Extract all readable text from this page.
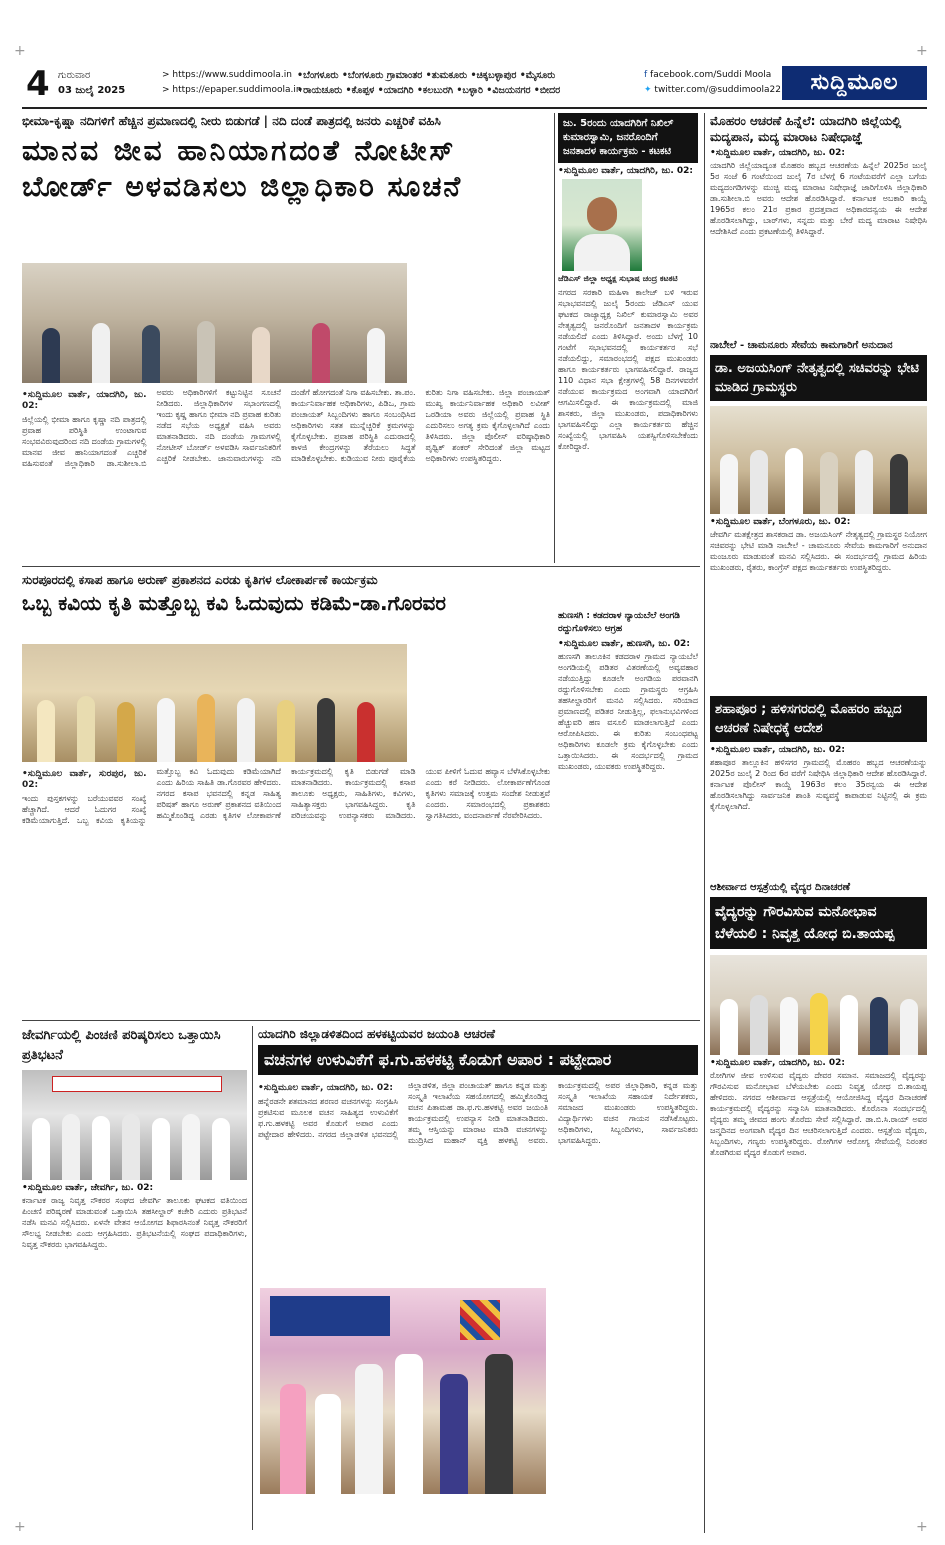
+	+
+	+
4 ಗುರುವಾರ
03 ಜುಲೈ 2025
> https://www.suddimoola.in
> https://epaper.suddimoola.in
•ಬೆಂಗಳೂರು •ಬೆಂಗಳೂರು ಗ್ರಾಮಾಂತರ •ತುಮಕೂರು •ಚಿಕ್ಕಬಳ್ಳಾಪುರ •ಮೈಸೂರು
•ರಾಯಚೂರು •ಕೊಪ್ಪಳ •ಯಾದಗಿರಿ •ಕಲಬುರಗಿ •ಬಳ್ಳಾರಿ •ವಿಜಯನಗರ •ಬೀದರ
f facebook.com/Suddi Moola
✦ twitter.com/@suddimoola22	ಸುದ್ದಿಮೂಲ
ಭೀಮಾ-ಕೃಷ್ಣಾ ನದಿಗಳಿಗೆ ಹೆಚ್ಚಿನ ಪ್ರಮಾಣದಲ್ಲಿ ನೀರು ಬಿಡುಗಡೆ | ನದಿ ದಂಡೆ ಪಾತ್ರದಲ್ಲಿ ಜನರು ಎಚ್ಚರಿಕೆ ವಹಿಸಿ
ಮಾನವ ಜೀವ ಹಾನಿಯಾಗದಂತೆ ನೋಟೀಸ್
ಬೋರ್ಡ್ ಅಳವಡಿಸಲು ಜಿಲ್ಲಾಧಿಕಾರಿ ಸೂಚನೆ
•ಸುದ್ದಿಮೂಲ ವಾರ್ತೆ, ಯಾದಗಿರಿ, ಜು. 02:
ಜಿಲ್ಲೆಯಲ್ಲಿ ಭೀಮಾ ಹಾಗೂ ಕೃಷ್ಣಾ ನದಿ ಪಾತ್ರದಲ್ಲಿ ಪ್ರವಾಹ ಪರಿಸ್ಥಿತಿ ಉಂಟಾಗುವ ಸಂಭವವಿರುವುದರಿಂದ ನದಿ ದಂಡೆಯ ಗ್ರಾಮಗಳಲ್ಲಿ ಮಾನವ ಜೀವ ಹಾನಿಯಾಗದಂತೆ ಎಚ್ಚರಿಕೆ ವಹಿಸುವಂತೆ ಜಿಲ್ಲಾಧಿಕಾರಿ ಡಾ.ಸುಶೀಲಾ.ಬಿ ಅವರು ಅಧಿಕಾರಿಗಳಿಗೆ ಕಟ್ಟುನಿಟ್ಟಿನ ಸೂಚನೆ ನೀಡಿದರು. ಜಿಲ್ಲಾಧಿಕಾರಿಗಳ ಸಭಾಂಗಣದಲ್ಲಿ ಇಂದು ಕೃಷ್ಣ ಹಾಗೂ ಭೀಮಾ ನದಿ ಪ್ರವಾಹ ಕುರಿತು ನಡೆದ ಸಭೆಯ ಅಧ್ಯಕ್ಷತೆ ವಹಿಸಿ ಅವರು ಮಾತನಾಡಿದರು. ನದಿ ದಂಡೆಯ ಗ್ರಾಮಗಳಲ್ಲಿ ನೋಟೀಸ್ ಬೋರ್ಡ್ ಅಳವಡಿಸಿ ಸಾರ್ವಜನಿಕರಿಗೆ ಎಚ್ಚರಿಕೆ ನೀಡಬೇಕು. ಜಾನುವಾರುಗಳನ್ನು ನದಿ ದಂಡೆಗೆ ಹೋಗದಂತೆ ನಿಗಾ ವಹಿಸಬೇಕು. ತಾ.ಪಂ. ಕಾರ್ಯನಿರ್ವಾಹಕ ಅಧಿಕಾರಿಗಳು, ಪಿಡಿಒ, ಗ್ರಾಮ ಪಂಚಾಯತ್ ಸಿಬ್ಬಂದಿಗಳು ಹಾಗೂ ಸಂಬಂಧಿಸಿದ ಅಧಿಕಾರಿಗಳು ಸತತ ಮುನ್ನೆಚ್ಚರಿಕೆ ಕ್ರಮಗಳನ್ನು ಕೈಗೊಳ್ಳಬೇಕು. ಪ್ರವಾಹ ಪರಿಸ್ಥಿತಿ ಎದುರಾದಲ್ಲಿ ಕಾಳಜಿ ಕೇಂದ್ರಗಳನ್ನು ತೆರೆಯಲು ಸಿದ್ಧತೆ ಮಾಡಿಕೊಳ್ಳಬೇಕು. ಕುಡಿಯುವ ನೀರು ಪೂರೈಕೆಯ ಕುರಿತು ನಿಗಾ ವಹಿಸಬೇಕು. ಜಿಲ್ಲಾ ಪಂಚಾಯತ್ ಮುಖ್ಯ ಕಾರ್ಯನಿರ್ವಾಹಕ ಅಧಿಕಾರಿ ಲವೀಶ್ ಒರಡಿಯಾ ಅವರು ಜಿಲ್ಲೆಯಲ್ಲಿ ಪ್ರವಾಹ ಸ್ಥಿತಿ ಎದುರಿಸಲು ಅಗತ್ಯ ಕ್ರಮ ಕೈಗೊಳ್ಳಲಾಗಿದೆ ಎಂದು ತಿಳಿಸಿದರು. ಜಿಲ್ಲಾ ಪೊಲೀಸ್ ವರಿಷ್ಠಾಧಿಕಾರಿ ಪೃಥ್ವಿಕ್ ಶಂಕರ್ ಸೇರಿದಂತೆ ಜಿಲ್ಲಾ ಮಟ್ಟದ ಅಧಿಕಾರಿಗಳು ಉಪಸ್ಥಿತರಿದ್ದರು.
ಜು. 5ರಂದು ಯಾದಗಿರಿಗೆ ನಿಖಿಲ್ ಕುಮಾರಸ್ವಾಮಿ, ಜನರೊಂದಿಗೆ ಜನತಾದಳ ಕಾರ್ಯಕ್ರಮ - ಕಟಕಟಿ
•ಸುದ್ದಿಮೂಲ ವಾರ್ತೆ, ಯಾದಗಿರಿ, ಜು. 02:
ಜೆಡಿಎಸ್ ಜಿಲ್ಲಾ ಅಧ್ಯಕ್ಷ ಸುಭಾಷ ಚಂದ್ರ ಕಟಕಟಿ
ನಗರದ ಸರಕಾರಿ ಮಹಿಳಾ ಕಾಲೇಜ್ ಬಳಿ ಇರುವ ಸಭಾಭವನದಲ್ಲಿ ಜುಲೈ 5ರಂದು ಜೆಡಿಎಸ್ ಯುವ ಘಟಕದ ರಾಜ್ಯಾಧ್ಯಕ್ಷ ನಿಖಿಲ್ ಕುಮಾರಸ್ವಾಮಿ ಅವರ ನೇತೃತ್ವದಲ್ಲಿ ಜನರೊಂದಿಗೆ ಜನತಾದಳ ಕಾರ್ಯಕ್ರಮ ನಡೆಯಲಿದೆ ಎಂದು ತಿಳಿಸಿದ್ದಾರೆ. ಅಂದು ಬೆಳಗ್ಗೆ 10 ಗಂಟೆಗೆ ಸಭಾಭವನದಲ್ಲಿ ಕಾರ್ಯಕರ್ತರ ಸಭೆ ನಡೆಯಲಿದ್ದು, ಸಮಾರಂಭದಲ್ಲಿ ಪಕ್ಷದ ಮುಖಂಡರು ಹಾಗೂ ಕಾರ್ಯಕರ್ತರು ಭಾಗವಹಿಸಲಿದ್ದಾರೆ. ರಾಜ್ಯದ 110 ವಿಧಾನ ಸಭಾ ಕ್ಷೇತ್ರಗಳಲ್ಲಿ 58 ದಿನಗಳವರೆಗೆ ನಡೆಯುವ ಕಾರ್ಯಕ್ರಮದ ಅಂಗವಾಗಿ ಯಾದಗಿರಿಗೆ ಆಗಮಿಸಲಿದ್ದಾರೆ. ಈ ಕಾರ್ಯಕ್ರಮದಲ್ಲಿ ಮಾಜಿ ಶಾಸಕರು, ಜಿಲ್ಲಾ ಮುಖಂಡರು, ಪದಾಧಿಕಾರಿಗಳು ಭಾಗವಹಿಸಲಿದ್ದು ಎಲ್ಲಾ ಕಾರ್ಯಕರ್ತರು ಹೆಚ್ಚಿನ ಸಂಖ್ಯೆಯಲ್ಲಿ ಭಾಗವಹಿಸಿ ಯಶಸ್ವಿಗೊಳಿಸಬೇಕೆಂದು ಕೋರಿದ್ದಾರೆ.
ಮೊಹರಂ ಆಚರಣೆ ಹಿನ್ನೆಲೆ: ಯಾದಗಿರಿ ಜಿಲ್ಲೆಯಲ್ಲಿ ಮದ್ಯಪಾನ, ಮದ್ಯ ಮಾರಾಟ ನಿಷೇಧಾಜ್ಞೆ
•ಸುದ್ದಿಮೂಲ ವಾರ್ತೆ, ಯಾದಗಿರಿ, ಜು. 02:
ಯಾದಗಿರಿ ಜಿಲ್ಲೆಯಾದ್ಯಂತ ಮೊಹರಂ ಹಬ್ಬದ ಆಚರಣೆಯ ಹಿನ್ನೆಲೆ 2025ರ ಜುಲೈ 5ರ ಸಂಜೆ 6 ಗಂಟೆಯಿಂದ ಜುಲೈ 7ರ ಬೆಳಗ್ಗೆ 6 ಗಂಟೆಯವರೆಗೆ ಎಲ್ಲಾ ಬಗೆಯ ಮದ್ಯದಂಗಡಿಗಳನ್ನು ಮುಚ್ಚಿ ಮದ್ಯ ಮಾರಾಟ ನಿಷೇಧಾಜ್ಞೆ ಜಾರಿಗೊಳಿಸಿ ಜಿಲ್ಲಾಧಿಕಾರಿ ಡಾ.ಸುಶೀಲಾ.ಬಿ ಅವರು ಆದೇಶ ಹೊರಡಿಸಿದ್ದಾರೆ. ಕರ್ನಾಟಕ ಅಬಕಾರಿ ಕಾಯ್ದೆ 1965ರ ಕಲಂ 21ರ ಪ್ರಕಾರ ಪ್ರದತ್ತವಾದ ಅಧಿಕಾರದನ್ವಯ ಈ ಆದೇಶ ಹೊರಡಿಸಲಾಗಿದ್ದು, ಬಾರ್‌ಗಳು, ಸನ್ನದು ಮತ್ತು ಬೇರೆ ಮದ್ಯ ಮಾರಾಟ ನಿಷೇಧಿಸಿ ಆದೇಶಿಸಿದೆ ಎಂದು ಪ್ರಕಟಣೆಯಲ್ಲಿ ತಿಳಿಸಿದ್ದಾರೆ.
ನಾಬೆೇಲೆ - ಚಾಮನೂರು ಸೇವೆಯ ಕಾಮಗಾರಿಗೆ ಅನುದಾನ
ಡಾ. ಅಜಯಸಿಂಗ್ ನೇತೃತ್ವದಲ್ಲಿ ಸಚಿವರನ್ನು ಭೇಟಿ ಮಾಡಿದ ಗ್ರಾಮಸ್ಥರು
•ಸುದ್ದಿಮೂಲ ವಾರ್ತೆ, ಬೆಂಗಳೂರು, ಜು. 02:
ಜೇವರ್ಗಿ ಮತಕ್ಷೇತ್ರದ ಶಾಸಕರಾದ ಡಾ. ಅಜಯಸಿಂಗ್ ನೇತೃತ್ವದಲ್ಲಿ ಗ್ರಾಮಸ್ಥರ ನಿಯೋಗ ಸಚಿವರನ್ನು ಭೇಟಿ ಮಾಡಿ ನಾಬೆೇಲೆ - ಚಾಮನೂರು ಸೇವೆಯ ಕಾಮಗಾರಿಗೆ ಅನುದಾನ ಮಂಜೂರು ಮಾಡುವಂತೆ ಮನವಿ ಸಲ್ಲಿಸಿದರು. ಈ ಸಂದರ್ಭದಲ್ಲಿ ಗ್ರಾಮದ ಹಿರಿಯ ಮುಖಂಡರು, ರೈತರು, ಕಾಂಗ್ರೆಸ್ ಪಕ್ಷದ ಕಾರ್ಯಕರ್ತರು ಉಪಸ್ಥಿತರಿದ್ದರು.
ಶಹಾಪೂರ ; ಹಳಿಸಗರದಲ್ಲಿ ಮೊಹರಂ ಹಬ್ಬದ ಆಚರಣೆ ನಿಷೇಧಕ್ಕೆ ಆದೇಶ
•ಸುದ್ದಿಮೂಲ ವಾರ್ತೆ, ಯಾದಗಿರಿ, ಜು. 02:
ಶಹಾಪೂರ ತಾಲ್ಲೂಕಿನ ಹಳಿಸಗರ ಗ್ರಾಮದಲ್ಲಿ ಮೊಹರಂ ಹಬ್ಬದ ಆಚರಣೆಯನ್ನು 2025ರ ಜುಲೈ 2 ರಿಂದ 6ರ ವರೆಗೆ ನಿಷೇಧಿಸಿ ಜಿಲ್ಲಾಧಿಕಾರಿ ಆದೇಶ ಹೊರಡಿಸಿದ್ದಾರೆ. ಕರ್ನಾಟಕ ಪೊಲೀಸ್ ಕಾಯ್ದೆ 1963ರ ಕಲಂ 35ರನ್ವಯ ಈ ಆದೇಶ ಹೊರಡಿಸಲಾಗಿದ್ದು ಸಾರ್ವಜನಿಕ ಶಾಂತಿ ಸುವ್ಯವಸ್ಥೆ ಕಾಪಾಡುವ ನಿಟ್ಟಿನಲ್ಲಿ ಈ ಕ್ರಮ ಕೈಗೊಳ್ಳಲಾಗಿದೆ.
ಸುರಪೂರದಲ್ಲಿ ಕಸಾಪ ಹಾಗೂ ಅರುಣ್ ಪ್ರಕಾಶನದ ಎರಡು ಕೃತಿಗಳ ಲೋಕಾರ್ಪಣೆ ಕಾರ್ಯಕ್ರಮ
ಒಬ್ಬ ಕವಿಯ ಕೃತಿ ಮತ್ತೊಬ್ಬ ಕವಿ ಓದುವುದು ಕಡಿಮೆ-ಡಾ.ಗೊರವರ
•ಸುದ್ದಿಮೂಲ ವಾರ್ತೆ, ಸುರಪುರ, ಜು. 02:
ಇಂದು ಪುಸ್ತಕಗಳನ್ನು ಬರೆಯುವವರ ಸಂಖ್ಯೆ ಹೆಚ್ಚಾಗಿದೆ. ಆದರೆ ಓದುಗರ ಸಂಖ್ಯೆ ಕಡಿಮೆಯಾಗುತ್ತಿದೆ. ಒಬ್ಬ ಕವಿಯ ಕೃತಿಯನ್ನು ಮತ್ತೊಬ್ಬ ಕವಿ ಓದುವುದು ಕಡಿಮೆಯಾಗಿದೆ ಎಂದು ಹಿರಿಯ ಸಾಹಿತಿ ಡಾ.ಗೊರವರ ಹೇಳಿದರು. ನಗರದ ಕಸಾಪ ಭವನದಲ್ಲಿ ಕನ್ನಡ ಸಾಹಿತ್ಯ ಪರಿಷತ್ ಹಾಗೂ ಅರುಣ್ ಪ್ರಕಾಶನದ ವತಿಯಿಂದ ಹಮ್ಮಿಕೊಂಡಿದ್ದ ಎರಡು ಕೃತಿಗಳ ಲೋಕಾರ್ಪಣೆ ಕಾರ್ಯಕ್ರಮದಲ್ಲಿ ಕೃತಿ ಬಿಡುಗಡೆ ಮಾಡಿ ಮಾತನಾಡಿದರು. ಕಾರ್ಯಕ್ರಮದಲ್ಲಿ ಕಸಾಪ ತಾಲೂಕು ಅಧ್ಯಕ್ಷರು, ಸಾಹಿತಿಗಳು, ಕವಿಗಳು, ಸಾಹಿತ್ಯಾಸಕ್ತರು ಭಾಗವಹಿಸಿದ್ದರು. ಕೃತಿ ಪರಿಚಯವನ್ನು ಉಪನ್ಯಾಸಕರು ಮಾಡಿದರು. ಯುವ ಪೀಳಿಗೆ ಓದುವ ಹವ್ಯಾಸ ಬೆಳೆಸಿಕೊಳ್ಳಬೇಕು ಎಂದು ಕರೆ ನೀಡಿದರು. ಲೋಕಾರ್ಪಣೆಗೊಂಡ ಕೃತಿಗಳು ಸಮಾಜಕ್ಕೆ ಉತ್ತಮ ಸಂದೇಶ ನೀಡುತ್ತವೆ ಎಂದರು. ಸಮಾರಂಭದಲ್ಲಿ ಪ್ರಕಾಶಕರು ಸ್ವಾಗತಿಸಿದರು, ವಂದನಾರ್ಪಣೆ ನೆರವೇರಿಸಿದರು.
ಹುಣಸಗಿ : ಕಡದರಾಳ ನ್ಯಾಯಬೆಲೆ ಅಂಗಡಿ ರದ್ದುಗೊಳಿಸಲು ಆಗ್ರಹ
•ಸುದ್ದಿಮೂಲ ವಾರ್ತೆ, ಹುಣಸಗಿ, ಜು. 02:
ಹುಣಸಗಿ ತಾಲೂಕಿನ ಕಡದರಾಳ ಗ್ರಾಮದ ನ್ಯಾಯಬೆಲೆ ಅಂಗಡಿಯಲ್ಲಿ ಪಡಿತರ ವಿತರಣೆಯಲ್ಲಿ ಅವ್ಯವಹಾರ ನಡೆಯುತ್ತಿದ್ದು ಕೂಡಲೇ ಅಂಗಡಿಯ ಪರವಾನಗಿ ರದ್ದುಗೊಳಿಸಬೇಕು ಎಂದು ಗ್ರಾಮಸ್ಥರು ಆಗ್ರಹಿಸಿ ತಹಸೀಲ್ದಾರರಿಗೆ ಮನವಿ ಸಲ್ಲಿಸಿದರು. ಸರಿಯಾದ ಪ್ರಮಾಣದಲ್ಲಿ ಪಡಿತರ ನೀಡುತ್ತಿಲ್ಲ, ಫಲಾನುಭವಿಗಳಿಂದ ಹೆಚ್ಚುವರಿ ಹಣ ವಸೂಲಿ ಮಾಡಲಾಗುತ್ತಿದೆ ಎಂದು ಆರೋಪಿಸಿದರು. ಈ ಕುರಿತು ಸಂಬಂಧಪಟ್ಟ ಅಧಿಕಾರಿಗಳು ಕೂಡಲೇ ಕ್ರಮ ಕೈಗೊಳ್ಳಬೇಕು ಎಂದು ಒತ್ತಾಯಿಸಿದರು. ಈ ಸಂದರ್ಭದಲ್ಲಿ ಗ್ರಾಮದ ಮುಖಂಡರು, ಯುವಕರು ಉಪಸ್ಥಿತರಿದ್ದರು.
ಆಶೀರ್ವಾದ ಆಸ್ಪತ್ರೆಯಲ್ಲಿ ವೈದ್ಯರ ದಿನಾಚರಣೆ
ವೈದ್ಯರನ್ನು ಗೌರವಿಸುವ ಮನೋಭಾವ ಬೆಳೆಯಲಿ : ನಿವೃತ್ತ ಯೋಧ ಬಿ.ತಾಯಪ್ಪ
•ಸುದ್ದಿಮೂಲ ವಾರ್ತೆ, ಯಾದಗಿರಿ, ಜು. 02:
ರೋಗಿಗಳ ಜೀವ ಉಳಿಸುವ ವೈದ್ಯರು ದೇವರ ಸಮಾನ. ಸಮಾಜದಲ್ಲಿ ವೈದ್ಯರನ್ನು ಗೌರವಿಸುವ ಮನೋಭಾವ ಬೆಳೆಯಬೇಕು ಎಂದು ನಿವೃತ್ತ ಯೋಧ ಬಿ.ತಾಯಪ್ಪ ಹೇಳಿದರು. ನಗರದ ಆಶೀರ್ವಾದ ಆಸ್ಪತ್ರೆಯಲ್ಲಿ ಆಯೋಜಿಸಿದ್ದ ವೈದ್ಯರ ದಿನಾಚರಣೆ ಕಾರ್ಯಕ್ರಮದಲ್ಲಿ ವೈದ್ಯರನ್ನು ಸನ್ಮಾನಿಸಿ ಮಾತನಾಡಿದರು. ಕೊರೊನಾ ಸಂದರ್ಭದಲ್ಲಿ ವೈದ್ಯರು ತಮ್ಮ ಜೀವದ ಹಂಗು ತೊರೆದು ಸೇವೆ ಸಲ್ಲಿಸಿದ್ದಾರೆ. ಡಾ.ಬಿ.ಸಿ.ರಾಯ್ ಅವರ ಜನ್ಮದಿನದ ಅಂಗವಾಗಿ ವೈದ್ಯರ ದಿನ ಆಚರಿಸಲಾಗುತ್ತಿದೆ ಎಂದರು. ಆಸ್ಪತ್ರೆಯ ವೈದ್ಯರು, ಸಿಬ್ಬಂದಿಗಳು, ಗಣ್ಯರು ಉಪಸ್ಥಿತರಿದ್ದರು. ರೋಗಿಗಳ ಆರೋಗ್ಯ ಸೇವೆಯಲ್ಲಿ ನಿರಂತರ ತೊಡಗಿರುವ ವೈದ್ಯರ ಕೊಡುಗೆ ಅಪಾರ.
ಜೇವರ್ಗಿಯಲ್ಲಿ ಪಿಂಚಣಿ ಪರಿಷ್ಕರಿಸಲು ಒತ್ತಾಯಿಸಿ ಪ್ರತಿಭಟನೆ
•ಸುದ್ದಿಮೂಲ ವಾರ್ತೆ, ಜೇವರ್ಗಿ, ಜು. 02:
ಕರ್ನಾಟಕ ರಾಜ್ಯ ನಿವೃತ್ತ ನೌಕರರ ಸಂಘದ ಜೇವರ್ಗಿ ತಾಲೂಕು ಘಟಕದ ವತಿಯಿಂದ ಪಿಂಚಣಿ ಪರಿಷ್ಕರಣೆ ಮಾಡುವಂತೆ ಒತ್ತಾಯಿಸಿ ತಹಸೀಲ್ದಾರ್ ಕಚೇರಿ ಎದುರು ಪ್ರತಿಭಟನೆ ನಡೆಸಿ ಮನವಿ ಸಲ್ಲಿಸಿದರು. ಏಳನೇ ವೇತನ ಆಯೋಗದ ಶಿಫಾರಸಿನಂತೆ ನಿವೃತ್ತ ನೌಕರರಿಗೆ ಸೌಲಭ್ಯ ನೀಡಬೇಕು ಎಂದು ಆಗ್ರಹಿಸಿದರು. ಪ್ರತಿಭಟನೆಯಲ್ಲಿ ಸಂಘದ ಪದಾಧಿಕಾರಿಗಳು, ನಿವೃತ್ತ ನೌಕರರು ಭಾಗವಹಿಸಿದ್ದರು.
ಯಾದಗಿರಿ ಜಿಲ್ಲಾಡಳಿತದಿಂದ ಹಳಕಟ್ಟಿಯವರ ಜಯಂತಿ ಆಚರಣೆ
ವಚನಗಳ ಉಳುವಿಕೆಗೆ ಫ.ಗು.ಹಳಕಟ್ಟಿ ಕೊಡುಗೆ ಅಪಾರ : ಪಟ್ಟೇದಾರ
•ಸುದ್ದಿಮೂಲ ವಾರ್ತೆ, ಯಾದಗಿರಿ, ಜು. 02:
ಹನ್ನೆರಡನೇ ಶತಮಾನದ ಶರಣರ ವಚನಗಳನ್ನು ಸಂಗ್ರಹಿಸಿ ಪ್ರಕಟಿಸುವ ಮೂಲಕ ವಚನ ಸಾಹಿತ್ಯದ ಉಳುವಿಕೆಗೆ ಫ.ಗು.ಹಳಕಟ್ಟಿ ಅವರ ಕೊಡುಗೆ ಅಪಾರ ಎಂದು ಪಟ್ಟೇದಾರ ಹೇಳಿದರು. ನಗರದ ಜಿಲ್ಲಾಡಳಿತ ಭವನದಲ್ಲಿ ಜಿಲ್ಲಾಡಳಿತ, ಜಿಲ್ಲಾ ಪಂಚಾಯತ್ ಹಾಗೂ ಕನ್ನಡ ಮತ್ತು ಸಂಸ್ಕೃತಿ ಇಲಾಖೆಯ ಸಹಯೋಗದಲ್ಲಿ ಹಮ್ಮಿಕೊಂಡಿದ್ದ ವಚನ ಪಿತಾಮಹ ಡಾ.ಫ.ಗು.ಹಳಕಟ್ಟಿ ಅವರ ಜಯಂತಿ ಕಾರ್ಯಕ್ರಮದಲ್ಲಿ ಉಪನ್ಯಾಸ ನೀಡಿ ಮಾತನಾಡಿದರು. ತಮ್ಮ ಆಸ್ತಿಯನ್ನು ಮಾರಾಟ ಮಾಡಿ ವಚನಗಳನ್ನು ಮುದ್ರಿಸಿದ ಮಹಾನ್ ವ್ಯಕ್ತಿ ಹಳಕಟ್ಟಿ ಅವರು. ಕಾರ್ಯಕ್ರಮದಲ್ಲಿ ಅಪರ ಜಿಲ್ಲಾಧಿಕಾರಿ, ಕನ್ನಡ ಮತ್ತು ಸಂಸ್ಕೃತಿ ಇಲಾಖೆಯ ಸಹಾಯಕ ನಿರ್ದೇಶಕರು, ಸಮಾಜದ ಮುಖಂಡರು ಉಪಸ್ಥಿತರಿದ್ದರು. ವಿದ್ಯಾರ್ಥಿಗಳು ವಚನ ಗಾಯನ ನಡೆಸಿಕೊಟ್ಟರು. ಅಧಿಕಾರಿಗಳು, ಸಿಬ್ಬಂದಿಗಳು, ಸಾರ್ವಜನಿಕರು ಭಾಗವಹಿಸಿದ್ದರು.
